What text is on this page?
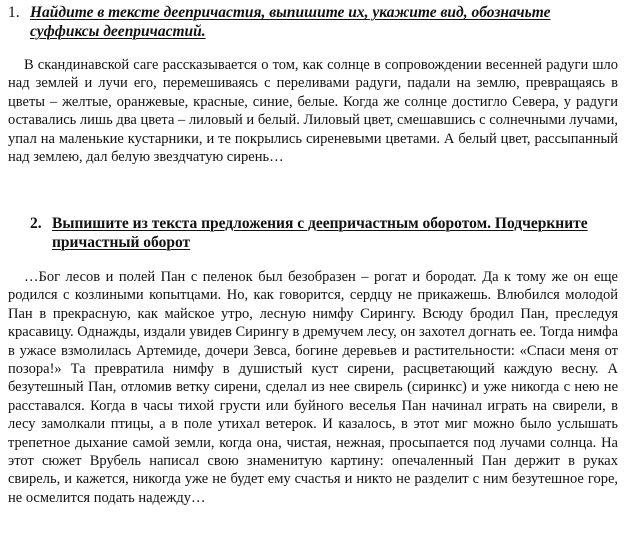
1. Найдите в тексте деепричастия, выпишите их, укажите вид, обозначьте суффиксы деепричастий.

В скандинавской саге рассказывается о том, как солнце в сопровождении весенней радуги шло над землей и лучи его, перемешиваясь с переливами радуги, падали на землю, превращаясь в цветы – желтые, оранжевые, красные, синие, белые. Когда же солнце достигло Севера, у радуги оставались лишь два цвета – лиловый и белый. Лиловый цвет, смешавшись с солнечными лучами, упал на маленькие кустарники, и те покрылись сиреневыми цветами. А белый цвет, рассыпанный над землею, дал белую звездчатую сирень…

2. Выпишите из текста предложения с деепричастным оборотом. Подчеркните причастный оборот

…Бог лесов и полей Пан с пеленок был безобразен – рогат и бородат. Да к тому же он еще родился с козлиными копытцами. Но, как говорится, сердцу не прикажешь. Влюбился молодой Пан в прекрасную, как майское утро, лесную нимфу Сирингу. Всюду бродил Пан, преследуя красавицу. Однажды, издали увидев Сирингу в дремучем лесу, он захотел догнать ее. Тогда нимфа в ужасе взмолилась Артемиде, дочери Зевса, богине деревьев и растительности: «Спаси меня от позора!» Та превратила нимфу в душистый куст сирени, расцветающий каждую весну. А безутешный Пан, отломив ветку сирени, сделал из нее свирель (сиринкс) и уже никогда с нею не расставался. Когда в часы тихой грусти или буйного веселья Пан начинал играть на свирели, в лесу замолкали птицы, а в поле утихал ветерок. И казалось, в этот миг можно было услышать трепетное дыхание самой земли, когда она, чистая, нежная, просыпается под лучами солнца. На этот сюжет Врубель написал свою знаменитую картину: опечаленный Пан держит в руках свирель, и кажется, никогда уже не будет ему счастья и никто не разделит с ним безутешное горе, не осмелится подать надежду…
